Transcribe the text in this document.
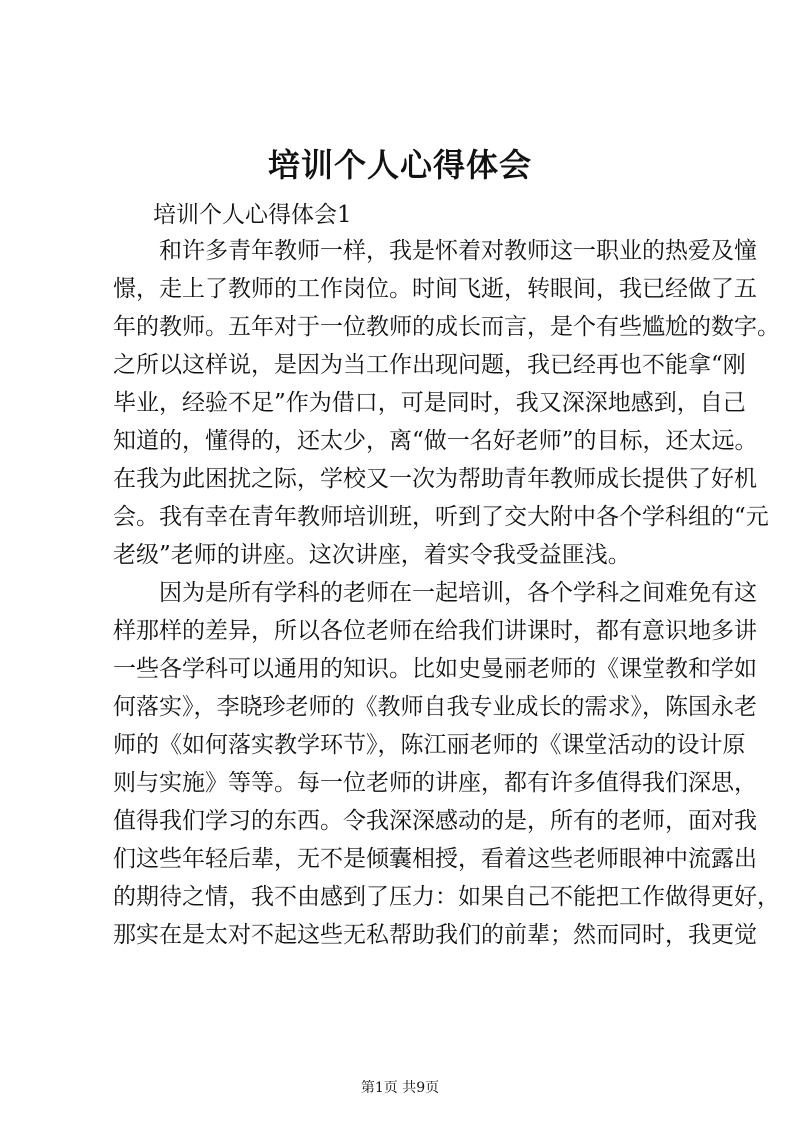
培训个人心得体会
培训个人心得体会1
　　和许多青年教师一样，我是怀着对教师这一职业的热爱及憧
憬，走上了教师的工作岗位。时间飞逝，转眼间，我已经做了五
年的教师。五年对于一位教师的成长而言，是个有些尴尬的数字。
之所以这样说，是因为当工作出现问题，我已经再也不能拿“刚
毕业，经验不足”作为借口，可是同时，我又深深地感到，自己
知道的，懂得的，还太少，离“做一名好老师”的目标，还太远。
在我为此困扰之际，学校又一次为帮助青年教师成长提供了好机
会。我有幸在青年教师培训班，听到了交大附中各个学科组的“元
老级”老师的讲座。这次讲座，着实令我受益匪浅。
　　因为是所有学科的老师在一起培训，各个学科之间难免有这
样那样的差异，所以各位老师在给我们讲课时，都有意识地多讲
一些各学科可以通用的知识。比如史曼丽老师的《课堂教和学如
何落实》，李晓珍老师的《教师自我专业成长的需求》，陈国永老
师的《如何落实教学环节》，陈江丽老师的《课堂活动的设计原
则与实施》等等。每一位老师的讲座，都有许多值得我们深思，
值得我们学习的东西。令我深深感动的是，所有的老师，面对我
们这些年轻后辈，无不是倾囊相授，看着这些老师眼神中流露出
的期待之情，我不由感到了压力：如果自己不能把工作做得更好，
那实在是太对不起这些无私帮助我们的前辈；然而同时，我更觉
第1页 共9页
